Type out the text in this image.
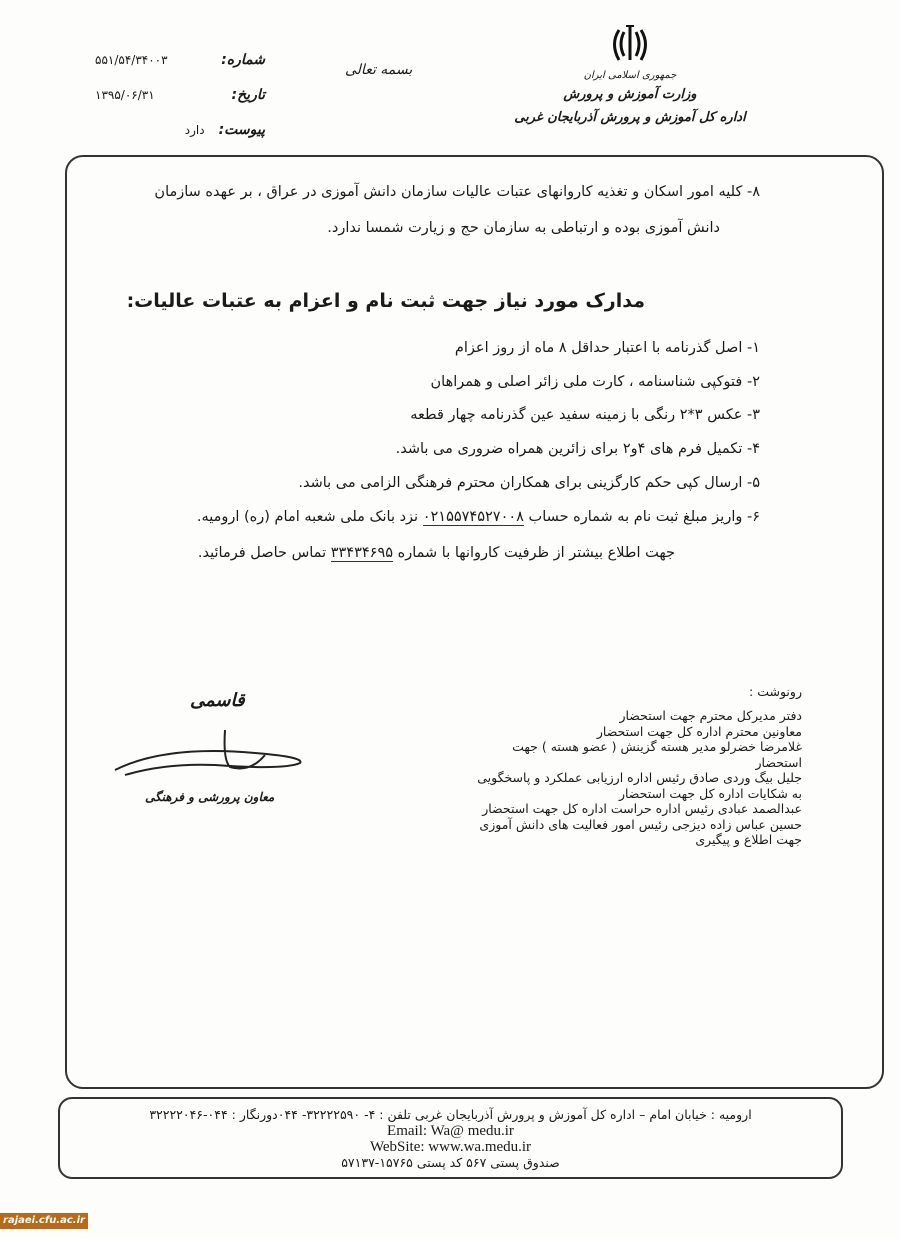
جمهوری اسلامی ایران
وزارت آموزش و پرورش
اداره کل آموزش و پرورش آذربایجان غربی
بسمه تعالی
شماره:
۵۵۱/۵۴/۳۴۰۰۳
تاریخ:
۱۳۹۵/۰۶/۳۱
پیوست:
دارد
۸- کلیه امور اسکان و تغذیه کاروانهای عتبات عالیات سازمان دانش آموزی در عراق ، بر عهده سازمان
دانش آموزی بوده و ارتباطی به سازمان حج و زیارت شمسا ندارد.
مدارک مورد نیاز جهت ثبت نام و اعزام به عتبات عالیات:
۱- اصل گذرنامه با اعتبار حداقل ۸ ماه از روز اعزام
۲- فتوکپی شناسنامه ، کارت ملی زائر اصلی و همراهان
۳- عکس ۳*۲ رنگی با زمینه سفید عین گذرنامه چهار قطعه
۴- تکمیل فرم های ۴و۲ برای زائرین همراه ضروری می باشد.
۵- ارسال کپی حکم کارگزینی برای همکاران محترم فرهنگی الزامی می باشد.
۶- واریز مبلغ ثبت نام به شماره حساب ۰۲۱۵۵۷۴۵۲۷۰۰۸ نزد بانک ملی شعبه امام (ره) ارومیه.
جهت اطلاع بیشتر از ظرفیت کاروانها با شماره ۳۳۴۳۴۶۹۵ تماس حاصل فرمائید.
قاسمی
معاون پرورشی و فرهنگی
رونوشت :
دفتر مدیرکل محترم جهت استحضار
معاونین محترم اداره کل جهت استحضار
غلامرضا خضرلو مدیر هسته گزینش ( عضو هسته ) جهت استحضار
جلیل بیگ وردی صادق رئیس اداره ارزیابی عملکرد و پاسخگویی به شکایات اداره کل جهت استحضار
عبدالصمد عبادی رئیس اداره حراست اداره کل جهت استحضار
حسین عباس زاده دیزجی رئیس امور فعالیت های دانش آموزی جهت اطلاع و پیگیری
ارومیه : خیابان امام – اداره کل آموزش و پرورش آذربایجان غربی تلفن : ۴- ۳۲۲۲۲۵۹۰- ۰۴۴دورنگار : ۰۴۴-۳۲۲۲۲۰۴۶
Email: Wa@ medu.ir
WebSite: www.wa.medu.ir
صندوق پستی ۵۶۷ کد پستی ۱۵۷۶۵-۵۷۱۳۷
rajaei.cfu.ac.ir
